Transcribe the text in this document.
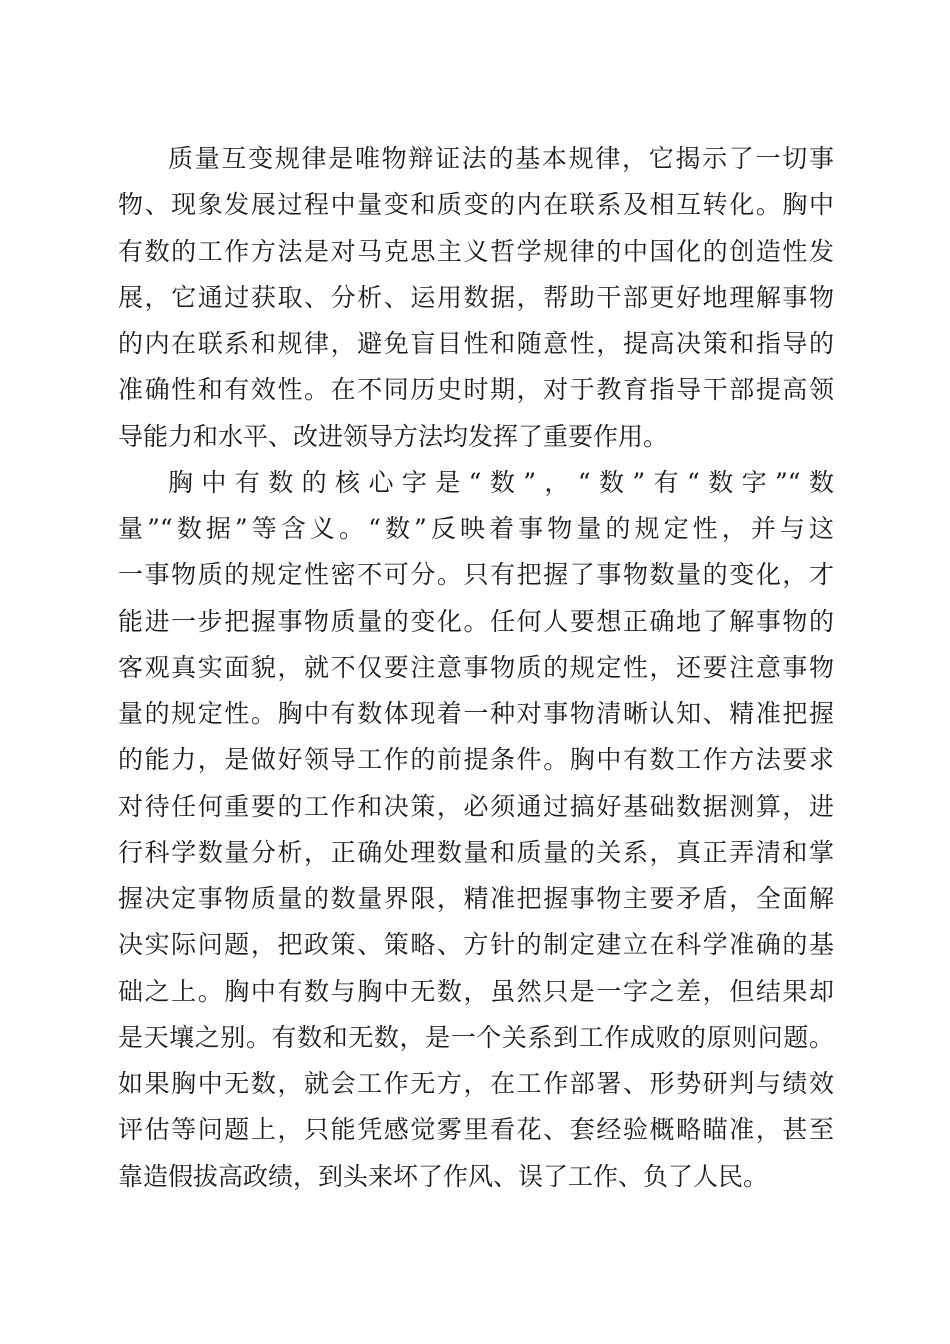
质量互变规律是唯物辩证法的基本规律，它揭示了一切事
物、现象发展过程中量变和质变的内在联系及相互转化。胸中
有数的工作方法是对马克思主义哲学规律的中国化的创造性发
展，它通过获取、分析、运用数据，帮助干部更好地理解事物
的内在联系和规律，避免盲目性和随意性，提高决策和指导的
准确性和有效性。在不同历史时期，对于教育指导干部提高领
导能力和水平、改进领导方法均发挥了重要作用。
胸中有数的核心字是“数”，“数”有“数字”“数
量”“数据”等含义。“数”反映着事物量的规定性，并与这
一事物质的规定性密不可分。只有把握了事物数量的变化，才
能进一步把握事物质量的变化。任何人要想正确地了解事物的
客观真实面貌，就不仅要注意事物质的规定性，还要注意事物
量的规定性。胸中有数体现着一种对事物清晰认知、精准把握
的能力，是做好领导工作的前提条件。胸中有数工作方法要求
对待任何重要的工作和决策，必须通过搞好基础数据测算，进
行科学数量分析，正确处理数量和质量的关系，真正弄清和掌
握决定事物质量的数量界限，精准把握事物主要矛盾，全面解
决实际问题，把政策、策略、方针的制定建立在科学准确的基
础之上。胸中有数与胸中无数，虽然只是一字之差，但结果却
是天壤之别。有数和无数，是一个关系到工作成败的原则问题。
如果胸中无数，就会工作无方，在工作部署、形势研判与绩效
评估等问题上，只能凭感觉雾里看花、套经验概略瞄准，甚至
靠造假拔高政绩，到头来坏了作风、误了工作、负了人民。
